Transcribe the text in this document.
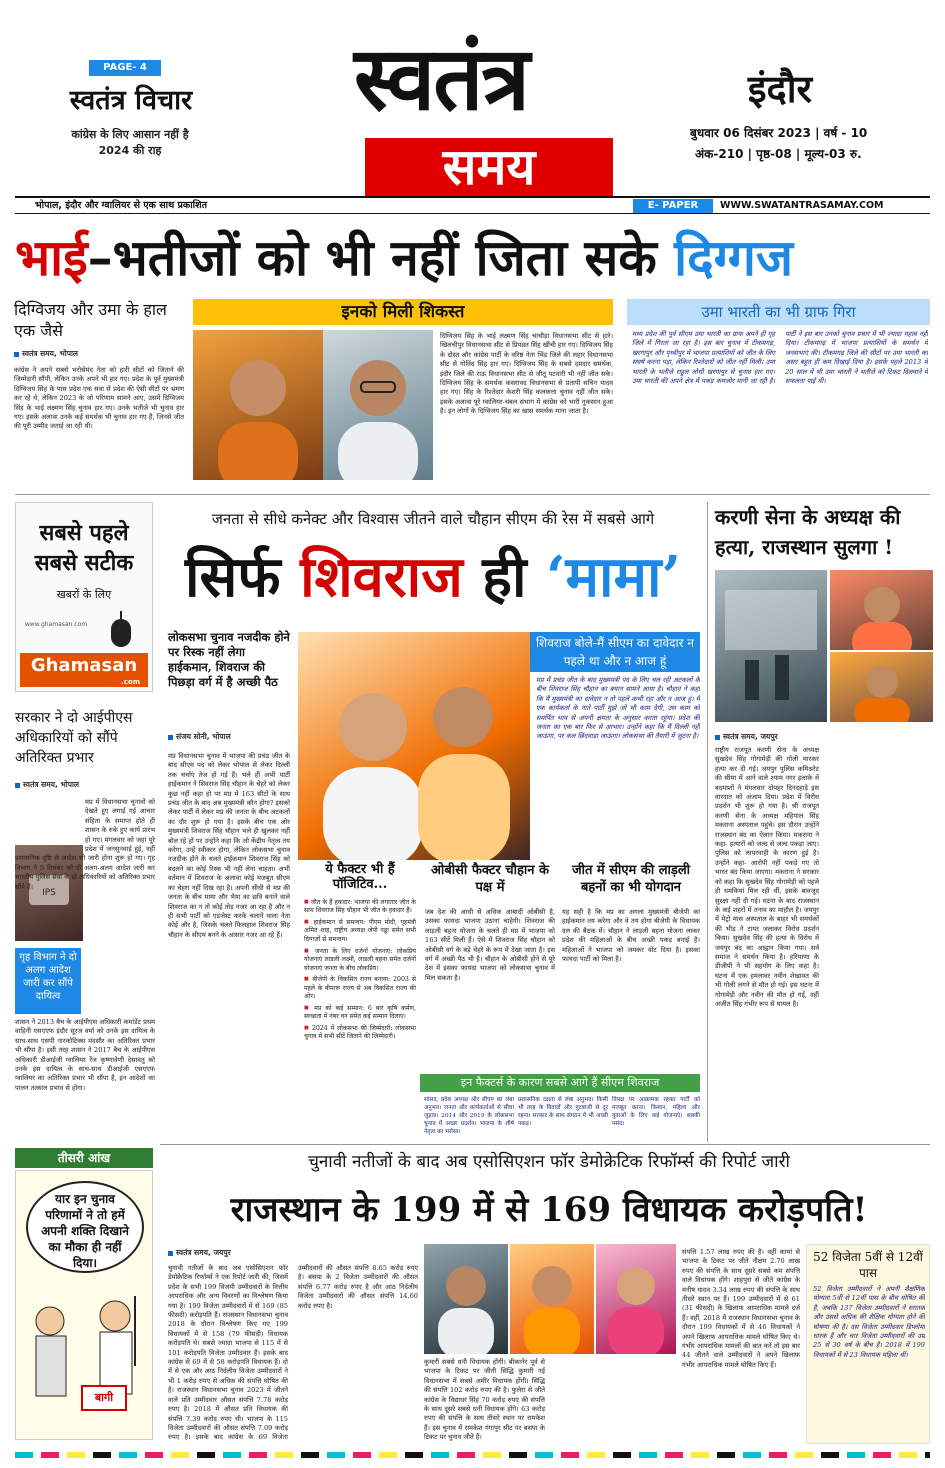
PAGE- 4
स्वतंत्र विचार
कांग्रेस के लिए आसान नहीं है 2024 की राह
स्वतंत्र
समय
इंदौर
बुधवार 06 दिसंबर 2023 | वर्ष - 10
अंक-210 | पृष्ठ-08 | मूल्य-03 रु.
भोपाल, इंदौर और ग्वालियर से एक साथ प्रकाशित	E- PAPER	WWW.SWATANTRASAMAY.COM
भाई–भतीजों को भी नहीं जिता सके दिग्गज
दिग्विजय और उमा के हाल एक जैसे
स्वतंत्र समय, भोपाल
कांग्रेस ने अपने सबसे भरोसेमंद नेता को हारी सीटों को जिताने की जिम्मेदारी सौंपी, लेकिन उनके अपने भी हार गए। प्रदेश के पूर्व मुख्यमंत्री दिग्विजय सिंह के पास प्रदेश एक सवा से प्रदेश की ऐसी सीटों पर भ्रमण कर रहे थे, लेकिन 2023 के जो परिणाम सामने आए, उसमें दिग्विजय सिंह के भाई लक्ष्मण सिंह चुनाव हार गए। उनके भतीजे भी चुनाव हार गए। इसके अलावा उनके कई समर्थक भी चुनाव हार गए हैं, जिनसे जीत की पूरी उम्मीद जताई जा रही थी।
इनको मिली शिकस्त
दिग्विजय सिंह के भाई लक्ष्मण सिंह चाचौड़ा विधानसभा सीट से हारे। खिलचीपुर विधानसभा सीट से प्रियव्रत सिंह खींची हार गए। दिग्विजय सिंह के दोस्त और कांग्रेस पार्टी के वरिष्ठ नेता भिंड जिले की लहार विधानसभा सीट से गोविंद सिंह हार गए। दिग्विजय सिंह के सबसे दमदार समर्थक, इंदौर जिले की राऊ विधानसभा सीट से जीतू पटवारी भी नहीं जीत सके। दिग्विजय सिंह के समर्थक कसरावद विधानसभा से प्रतापी सचिन यादव हार गए। सिंह के रिश्तेदार केशरी सिंह कलकत्ता चुनाव नहीं जीत सके। इसके अलावा पूरे ग्वालियर-चंबल संभाग में कांग्रेस को भारी नुकसान हुआ है। इन लोगों के दिग्विजय सिंह का खास समर्थक माना जाता है।
उमा भारती का भी ग्राफ गिरा
मध्य प्रदेश की पूर्व सीएम उमा भारती का ग्राफ अपने ही गृह जिले में गिरता जा रहा है। इस बार चुनाव में टीकमगढ़, खरगापुर और पृथ्वीपुर में भाजपा प्रत्याशियों को जीत के लिए संघर्ष करना पड़ा, लेकिन रिश्तेदारों को जीत नहीं मिली। उमा भारती के भतीजे राहुल लोधी खरगापुर से चुनाव हार गए। उमा भारती की अपने क्षेत्र में पकड़ कमजोर मानी जा रही है। पार्टी ने इस बार उनको चुनाव प्रचार में भी ज्यादा महत्व नहीं दिया। टीकमगढ़ में भाजपा प्रत्याशियों के समर्थन में जनसभाएं की। टीकमगढ़ जिले की सीटों पर उमा भारती का असर बहुत ही कम दिखाई दिया है। इसके पहले 2013 में 20 साल में भी उमा भारती ने भतीजे को टिकट दिलवाने में सफलता पाई थी।
सबसे पहले
सबसे सटीक
खबरों के लिए
www.ghamasan.com
Ghamasan
.com
सरकार ने दो आईपीएस अधिकारियों को सौंपे अतिरिक्त प्रभार
स्वतंत्र समय, भोपाल
IPS
मप्र में विधानसभा चुनावों को देखते हुए लगाई गई आचार संहिता के समाप्त होते ही शासन के रुके हुए कार्य प्रारंभ हो गए। मंगलवार को जहां पूरे प्रदेश में जनसुनवाई हुई, वहीं प्रशासनिक दृष्टि से आदेश भी जारी होना शुरू हो गए। गृह विभाग ने 5 दिसंबर को दो अलग-अलग आदेश जारी कर भारतीय पुलिस सेवा के दो अधिकारियों को अतिरिक्त प्रभार सौंपे हैं।
गृह विभाग ने दो अलग आदेश जारी कर सौंपे दायित्व
शासन ने 2013 बैच के आईपीएस अधिकारी कमांडेंट प्रथम वाहिनी एसएएफ इंदौर सूरज वर्मा को उनके इस दायित्व के साथ-साथ एसपी नारकोटिक्स मंदसौर का अतिरिक्त प्रभार भी सौंपा है। इसी तरह शासन ने 2017 बैच के आईपीएस अधिकारी डीआईजी ग्वालियर रेंज कृष्णावेणी देसावतु को उनके इस दायित्व के साथ-साथ डीआईजी एसएएफ ग्वालियर का अतिरिक्त प्रभार भी सौंपा है, इन आदेशों का पालन तत्काल प्रभाव से होगा।
तीसरी आंख
यार इन चुनाव परिणामों ने तो हमें अपनी शक्ति दिखाने का मौका ही नहीं दिया।
बागी
जनता से सीधे कनेक्ट और विश्वास जीतने वाले चौहान सीएम की रेस में सबसे आगे
सिर्फ शिवराज ही ‘मामा’
लोकसभा चुनाव नजदीक होने पर रिस्क नहीं लेगा हाईकमान, शिवराज की पिछड़ा वर्ग में है अच्छी पैठ
संजय सोनी, भोपाल
मप्र विधानसभा चुनाव में भाजपा की प्रचंड जीत के बाद सीएम पद को लेकर भोपाल से लेकर दिल्ली तक चर्चाएं तेज हो गई हैं। भले ही अभी पार्टी हाईकमान ने शिवराज सिंह चौहान के चेहरे को लेकर कुछ नहीं कहा हो पर मप्र में 163 सीटों के साथ प्रचंड जीत के बाद अब मुख्यमंत्री कौन होगा? इसको लेकर पार्टी में लेकर मप्र की जनता के बीच अटकलों का दौर शुरू हो गया है। इसके बीच एक ओर मुख्यमंत्री शिवराज सिंह चौहान भले ही खुलकर नहीं बोल रहे हों पर उन्होंने कहा कि जो केंद्रीय नेतृत्व तय करेगा, उन्हें स्वीकार होगा, लेकिन लोकसभा चुनाव नजदीक होने के चलते हाईकमान शिवराज सिंह को बदलने का कोई रिस्क भी नहीं लेना चाहता। अभी वर्तमान में शिवराज के अलावा कोई मजबूत सीएम का चेहरा नहीं दिख रहा है। अपनी सीधी से मप्र की जनता के बीच मामा और भैया का छवि बनाने वाले शिवराज का न तो कोई तोड़ नजर आ रहा है और न ही सभी पार्टी को एडजेस्ट करके चलाने वाला नेता कोई और है, जिसके चलते फिलहाल शिवराज सिंह चौहान के सीएम बनने के आसार नजर आ रहे हैं।
शिवराज बोले-मैं सीएम का दावेदार न पहले था और न आज हूं
मप्र में प्रचंड जीत के बाद मुख्यमंत्री पद के लिए चल रही अटकलों के बीच शिवराज सिंह चौहान का बयान सामने आया है। चौहान ने कहा कि मैं मुख्यमंत्री का दावेदार न तो पहले कभी रहा और न आज हूं। मैं एक कार्यकर्ता के नाते पार्टी मुझे जो भी काम देगी, उस काम को समर्पित भाव से अपनी क्षमता के अनुसार करता रहूंगा। प्रदेश की जनता का एक बार फिर से आभार। उन्होंने कहा कि मैं दिल्ली नहीं जाऊंगा, पर कल छिंदवाड़ा जाऊंगा। लोकसभा की तैयारी में जुटना है।
ये फैक्टर भी हैं पॉजिटिव...
■ जीत के हैं हकदार: भाजपा की लगातार जीत के साथ शिवराज सिंह चौहान भी जीत के हकदार हैं।
■ हाईकमान से समन्वय: पीएम मोदी, गृहमंत्री अमित शाह, राष्ट्रीय अध्यक्ष जेपी नड्डा समेत सभी दिग्गजों से समन्वय।
■ जनता के लिए दर्जनों योजनाएं: लोकप्रिय योजनाएं लाडली लक्ष्मी, लाडली बहना समेत दर्जनों योजनाएं जनता के बीच लोकप्रिय।
■ बीजेपी के विकसित राज्य बनाया: 2003 से पहले के बीमारू राज्य से अब विकसित राज्य की ओर।
■ मप्र को कई सम्मान: 6 बार कृषि कर्मण, स्वच्छता में नंबर वन समेत कई सम्मान दिलाए।
■ 2024 में लोकसभा की जिम्मेदारी: लोकसभा चुनाव में सभी सीटें जिताने की जिम्मेदारी।
ओबीसी फैक्टर चौहान के पक्ष में
जब देश की आधी से अधिक आबादी ओबीसी है, उसका फायदा भाजपा उठाना चाहेगी। शिवराज की लाड़ली बहना योजना के चलते ही मप्र में भाजपा को 163 सीटें मिली हैं। ऐसे में शिवराज सिंह चौहान को ओबीसी वर्ग के बड़े चेहरे के रूप में देखा जाता है। इस वर्ग में अच्छी पैठ भी है। चौहान के ओबीसी होने से पूरे देश में इसका फायदा भाजपा को लोकसभा चुनाव में मिल सकता है।
जीत में सीएम की लाड़ली बहनों का भी योगदान
यह सही है कि मप्र का अगला मुख्यमंत्री बीजेपी का हाईकमान तय करेगा और वे तय होगा बीजेपी के विधायक दल की बैठक में। चौहान ने लाड़ली बहना योजना लाकर प्रदेश की महिलाओं के बीच अच्छी पकड़ बनाई है। महिलाओं ने भाजपा को जमकर वोट दिया है। इसका फायदा पार्टी को मिला है।
इन फैक्टर्स के कारण सबसे आगे हैं सीएम शिवराज
सांसद, प्रदेश अध्यक्ष और सीएम का लंबा अनुभव। जनता और कार्यकर्ताओं से सीधा जुड़ाव। 2014 और 2019 के लोकसभा चुनाव में अच्छा प्रदर्शन। भाजपा के शीर्ष नेतृत्व का भरोसा।
प्रशासनिक दक्षता से लंबा अनुभव। किसी भी तरह के विवादों और गुटबाजी से दूर रहना। सरकार के साथ संगठन में भी अच्छी पकड़।
विपक्ष पर आक्रामक रहकर पार्टी को मजबूत करना। किसान, महिला और युवाओं के लिए कई योजनाएं। सबकी पसंद।
करणी सेना के अध्यक्ष की हत्या, राजस्थान सुलगा !
स्वतंत्र समय, जयपुर
राष्ट्रीय राजपूत करणी सेना के अध्यक्ष सुखदेव सिंह गोगामेड़ी की गोली मारकर हत्या कर दी गई। जयपुर पुलिस कमिश्नरेट की सीमा में आने वाले श्याम नगर इलाके में बदमाशों ने मंगलवार दोपहर दिनदहाड़े इस वारदात को अंजाम दिया। प्रदेश में विरोध प्रदर्शन भी शुरू हो गया है। श्री राजपूत करणी सेना के अध्यक्ष महिपाल सिंह मकराना अस्पताल पहुंचे। इस दौरान उन्होंने राजस्थान बंद का ऐलान किया। मकराना ने कहा- हत्यारों को जल्द से जल्द पकड़ा जाए। पुलिस को लापरवाही के कारण हुई है। उन्होंने कहा- आरोपी नहीं पकड़े गए तो भारत बंद किया जाएगा। मकराना ने सरकार को कहा कि सुखदेव सिंह गोगामेड़ी को पहले ही धमकियां मिल रही थीं, इसके बावजूद सुरक्षा नहीं दी गई। घटना के बाद राजस्थान के कई शहरों में तनाव का माहौल है। जयपुर में मेट्रो मास अस्पताल के बाहर भी समर्थकों की भीड़ ने टायर जलाकर विरोध प्रदर्शन किया। सुखदेव सिंह की हत्या के विरोध में जयपुर बंद का आह्वान किया गया। सर्व समाज ने समर्थन किया है। हरियाणा के डीजीपी ने भी सहयोग के लिए कहा है। घटना में एक हमलावर नवीन शेखावत की भी गोली लगने से मौत हो गई। इस घटना में गोगामेड़ी और नवीन की मौत हो गई, वहीं अजीत सिंह गंभीर रूप से घायल है।
चुनावी नतीजों के बाद अब एसोसिएशन फॉर डेमोक्रेटिक रिफॉर्म्स की रिपोर्ट जारी
राजस्थान के 199 में से 169 विधायक करोड़पति!
स्वतंत्र समय, जयपुर
चुनावी नतीजों के बाद अब एसोसिएशन फॉर डेमोक्रेटिक रिफॉर्म्स ने एक रिपोर्ट जारी की, जिसमें प्रदेश के सभी 199 विजयी उम्मीदवारों के वित्तीय आपराधिक और अन्य विवरणों का विश्लेषण किया गया है। 199 विजेता उम्मीदवारों में से 169 (85 फीसदी) करोड़पति हैं। राजस्थान विधानसभा चुनाव 2018 के दौरान विश्लेषण किए गए 199 विधायकों में से 158 (79 फीसदी) विधायक करोड़पति थे। सबसे ज्यादा भाजपा से 115 में से 101 करोड़पति विजेता उम्मीदवार हैं। इसके बाद कांग्रेस से 69 में से 58 करोड़पति विधायक हैं। दो में से एक और आठ निर्दलीय विजेता उम्मीदवारों ने भी 1 करोड़ रुपए से अधिक की संपत्ति घोषित की है। राजस्थान विधानसभा चुनाव 2023 में जीतने वाले प्रति उम्मीदवार औसत संपत्ति 7.78 करोड़ रुपए है। 2018 में औसत प्रति विधायक की संपत्ति 7.39 करोड़ रुपए थी। भाजपा के 115 विजेता उम्मीदवारों की औसत संपत्ति 7.09 करोड़ रुपए है। इसके बाद कांग्रेस के 69 विजेता उम्मीदवारों की औसत संपत्ति 8.65 करोड़ रुपए है। बसपा के 2 विजेता उम्मीदवारों की औसत संपत्ति 6.77 करोड़ रुपए है और आठ निर्दलीय विजेता उम्मीदवारों की औसत संपत्ति 14.60 करोड़ रुपए है।
कुमारी सबसे धनी विधायक होंगी। बीकानेर पूर्व से भाजपा के टिकट पर जीती सिद्धि कुमारी नई विधानसभा में सबसे अमीर विधायक होंगी। सिद्धि की संपत्ति 102 करोड़ रुपए की है। फुलेरा से जीते कांग्रेस के विद्याधर सिंह 70 करोड़ रुपए की संपत्ति के साथ दूसरे सबसे धनी विधायक होंगे। 63 करोड़ रुपए की संपत्ति के साथ तीसरे स्थान पर रामकेश हैं। इस चुनाव में रामकेश गंगापुर सीट पर बसपा के टिकट पर चुनाव जीते हैं।
संपत्ति 1.57 लाख रुपए की है। वहीं कामां से भाजपा के टिकट पर जीते नौक्षम 2.70 लाख रुपए की संपत्ति के साथ दूसरे सबसे कम संपत्ति वाले विधायक होंगे। शाहपुरा से जीते कांग्रेस के मनीष यादव 3.34 लाख रुपए की संपत्ति के साथ तीसरे स्थान पर हैं। 199 उम्मीदवारों में से 61 (31 फीसदी) के खिलाफ आपराधिक मामले दर्ज हैं। वहीं, 2018 में राजस्थान विधानसभा चुनाव के दौरान 199 विधायकों में से 46 विधायकों ने अपने खिलाफ आपराधिक मामले घोषित किए थे। गंभीर आपराधिक मामलों की बात करें तो इस बार 44 जीतने वाले उम्मीदवारों ने अपने खिलाफ गंभीर आपराधिक मामले घोषित किए हैं।
52 विजेता 5वीं से 12वीं पास
52 विजेता उम्मीदवारों ने अपनी शैक्षणिक योग्यता 5वीं से 12वीं पास के बीच घोषित की है, जबकि 137 विजेता उम्मीदवारों ने स्नातक और उससे अधिक की शैक्षिक योग्यता होने की घोषणा की है। दस विजेता उम्मीदवार डिप्लोमा धारक हैं और चार विजेता उम्मीदवारों की उम्र 25 से 30 वर्ष के बीच है। 2018 में 199 विधायकों में से 23 विधायक महिला थीं।
